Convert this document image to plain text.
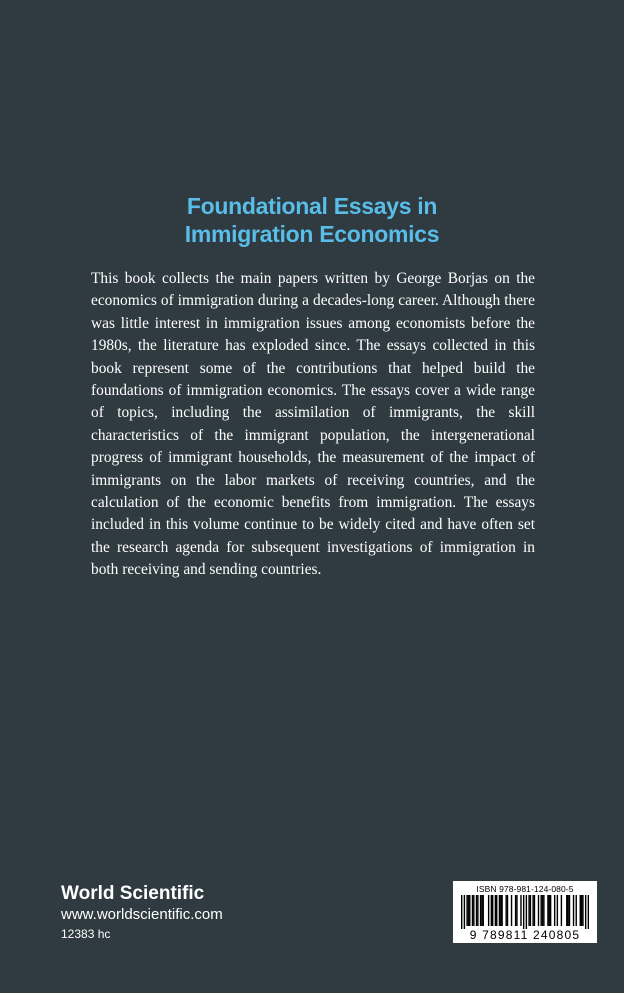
Foundational Essays in
Immigration Economics

This book collects the main papers written by George Borjas on the economics of immigration during a decades-long career. Although there was little interest in immigration issues among economists before the 1980s, the literature has exploded since. The essays collected in this book represent some of the contributions that helped build the foundations of immigration economics. The essays cover a wide range of topics, including the assimilation of immigrants, the skill characteristics of the immigrant population, the intergenerational progress of immigrant households, the measurement of the impact of immigrants on the labor markets of receiving countries, and the calculation of the economic benefits from immigration. The essays included in this volume continue to be widely cited and have often set the research agenda for subsequent investigations of immigration in both receiving and sending countries.

World Scientific
www.worldscientific.com
12383 hc
ISBN 978-981-124-080-5
9 789811 240805
